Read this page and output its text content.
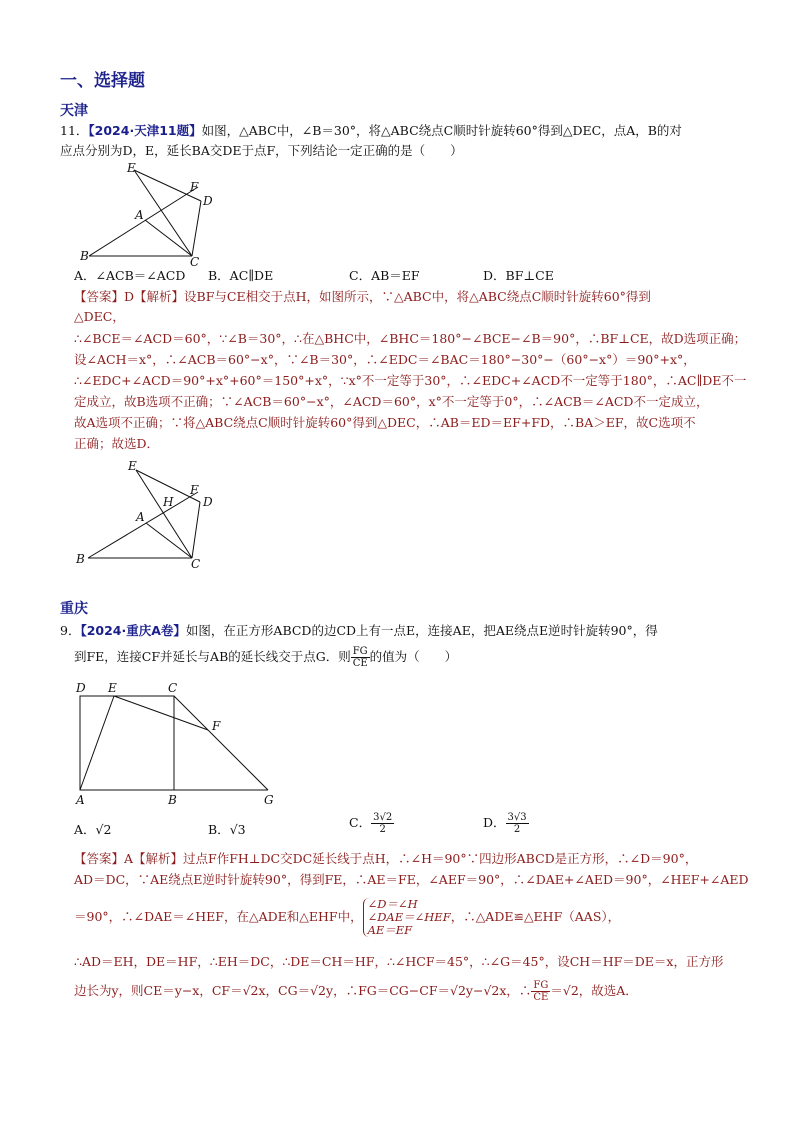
一、选择题
天津
11．【2024·天津11题】如图，△ABC中，∠B＝30°，将△ABC绕点C顺时针旋转60°得到△DEC，点A，B的对
应点分别为D，E，延长BA交DE于点F，下列结论一定正确的是（　　）
E
F
D
A
B	C
A．∠ACB＝∠ACD B．AC∥DE	C．AB＝EF	D．BF⊥CE
【答案】D【解析】设BF与CE相交于点H，如图所示，∵△ABC中，将△ABC绕点C顺时针旋转60°得到
△DEC，
∴∠BCE＝∠ACD＝60°，∵∠B＝30°，∴在△BHC中，∠BHC＝180°−∠BCE−∠B＝90°，∴BF⊥CE，故D选项正确；
设∠ACH＝x°，∴∠ACB＝60°−x°，∵∠B＝30°，∴∠EDC＝∠BAC＝180°−30°−（60°−x°）＝90°+x°，
∴∠EDC+∠ACD＝90°+x°+60°＝150°+x°，∵x°不一定等于30°，∴∠EDC+∠ACD不一定等于180°，∴AC∥DE不一
定成立，故B选项不正确；∵∠ACB＝60°−x°，∠ACD＝60°，x°不一定等于0°，∴∠ACB＝∠ACD不一定成立，
故A选项不正确；∵将△ABC绕点C顺时针旋转60°得到△DEC，∴AB＝ED＝EF+FD，∴BA＞EF，故C选项不
正确；故选D．
E
H
F
D
A
B	C
重庆
9．【2024·重庆A卷】如图，在正方形ABCD的边CD上有一点E，连接AE，把AE绕点E逆时针旋转90°，得
到FE，连接CF并延长与AB的延长线交于点G．则 $\frac{FG}{CE}$ 的值为（　　）
D E	C
F
A	B	G
A．√2	B．√3	C． $\frac{3√2}{2}$	D． $\frac{3√3}{2}$
【答案】A【解析】过点F作FH⊥DC交DC延长线于点H，∴∠H＝90°∵四边形ABCD是正方形，∴∠D＝90°，
AD＝DC，∵AE绕点E逆时针旋转90°，得到FE，∴AE＝FE，∠AEF＝90°，∴∠DAE+∠AED＝90°，∠HEF+∠AED
＝90°，∴∠DAE＝∠HEF，在△ADE和△EHF中，
∠D＝∠H
∠DAE＝∠HEF
AE＝EF
，∴△ADE≌△EHF（AAS），
∴AD＝EH，DE＝HF，∴EH＝DC，∴DE＝CH＝HF，∴∠HCF＝45°，∴∠G＝45°，设CH＝HF＝DE＝x，正方形
边长为y，则CE＝y−x，CF＝√2x，CG＝√2y，∴FG＝CG−CF＝√2y−√2x，∴ $\frac{FG}{CE} =√2$，故选A．
